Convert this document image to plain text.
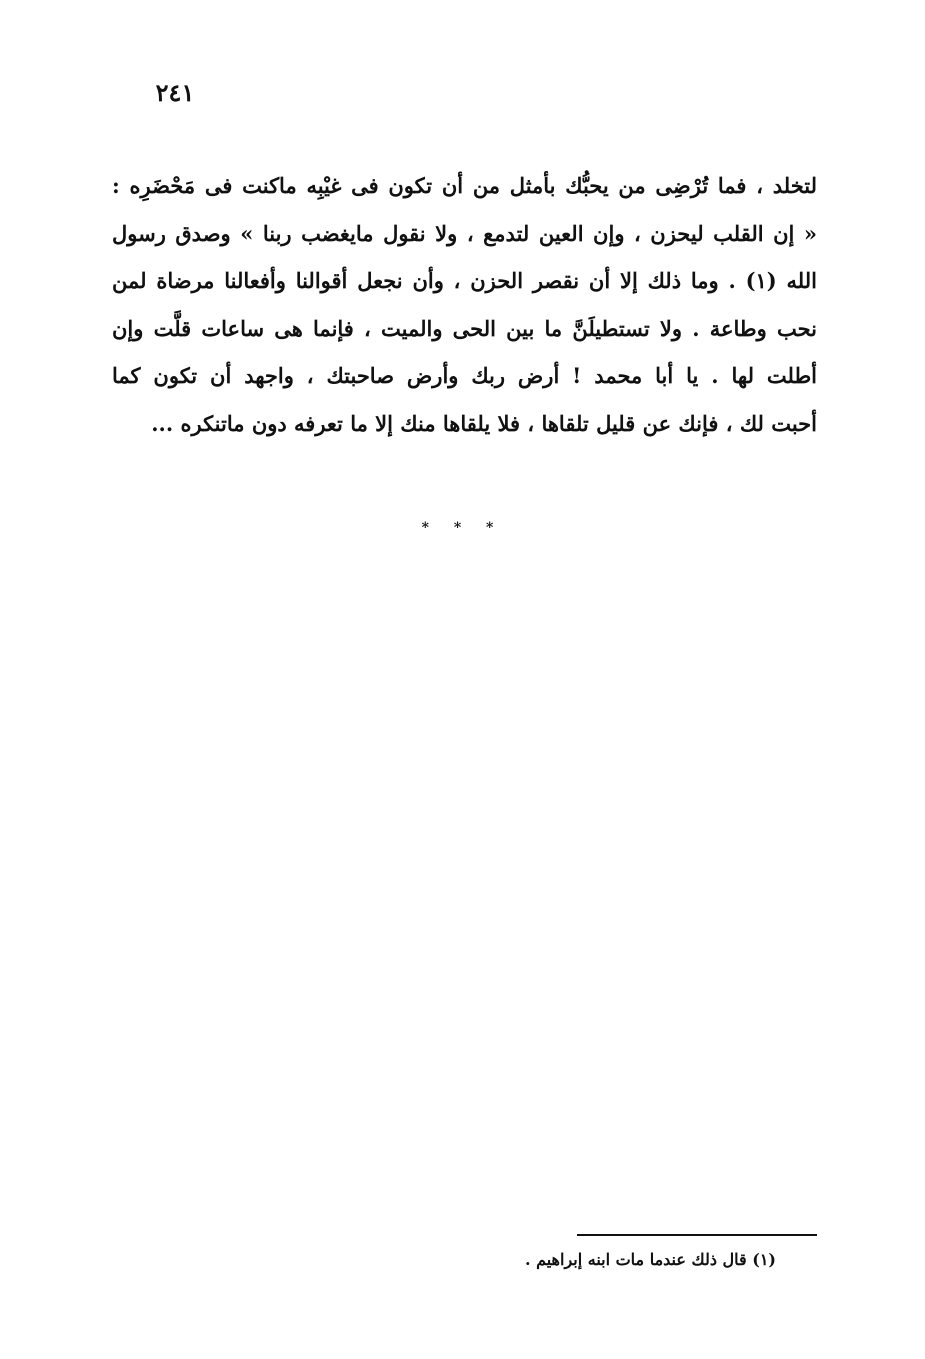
٢٤١
لتخلد ، فما تُرْضِى من يحبُّك بأمثل من أن تكون فى غيْبِه ماكنت فى مَحْضَرِه :
« إن القلب ليحزن ، وإن العين لتدمع ، ولا نقول مايغضب ربنا » وصدق رسول
الله (١) . وما ذلك إلا أن نقصر الحزن ، وأن نجعل أقوالنا وأفعالنا مرضاة لمن
نحب وطاعة . ولا تستطيلَنَّ ما بين الحى والميت ، فإنما هى ساعات قلَّت وإن
أطلت لها . يا أبا محمد ! أرض ربك وأرض صاحبتك ، واجهد أن تكون كما
أحبت لك ، فإنك عن قليل تلقاها ، فلا يلقاها منك إلا ما تعرفه دون ماتنكره ...
* * *
(١) قال ذلك عندما مات ابنه إبراهيم .
